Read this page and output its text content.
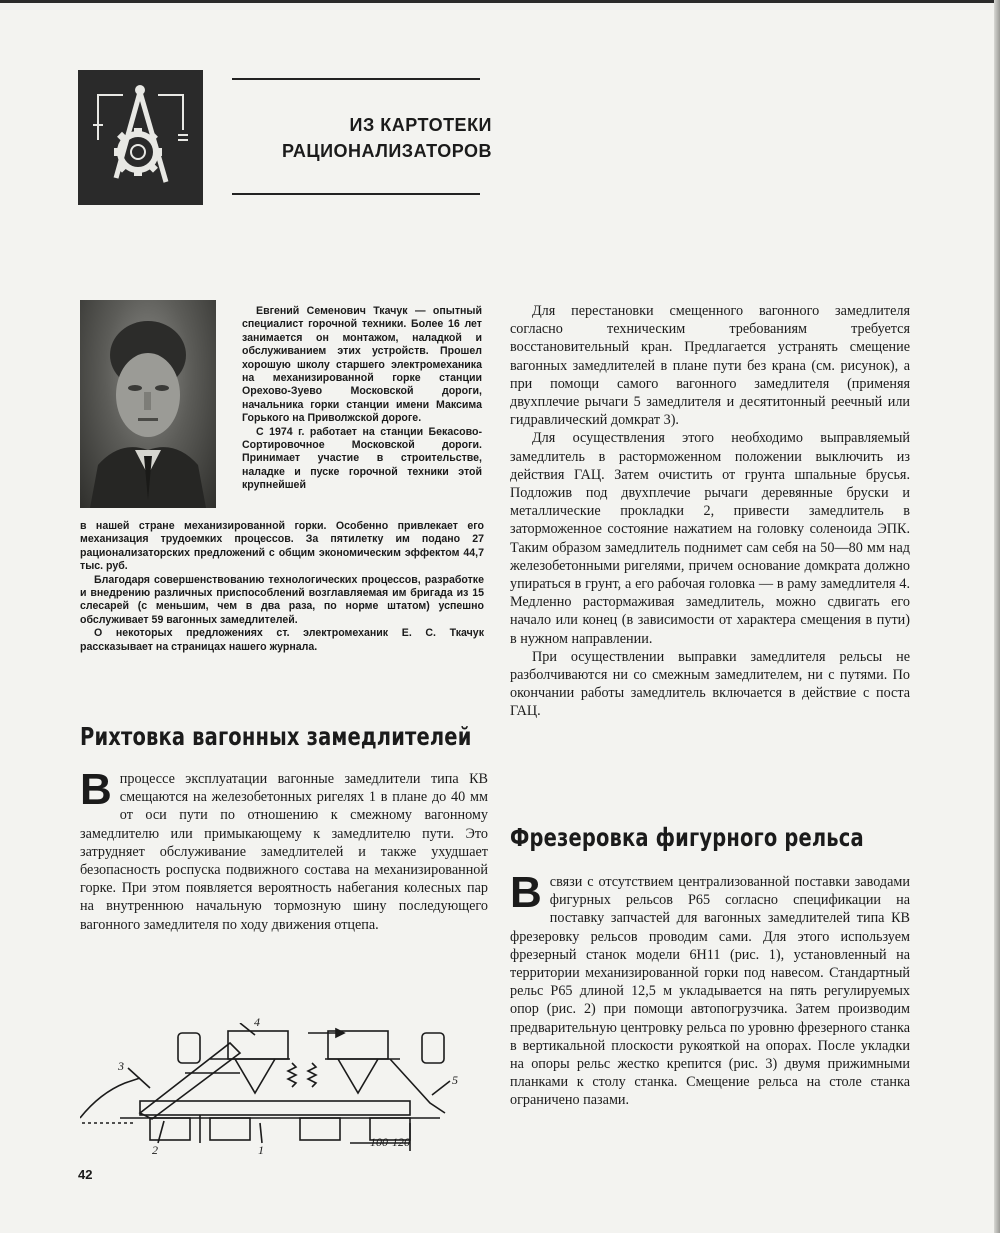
ИЗ КАРТОТЕКИ
РАЦИОНАЛИЗАТОРОВ

Евгений Семенович Ткачук — опытный специалист горочной техники. Более 16 лет занимается он монтажом, наладкой и обслуживанием этих устройств. Прошел хорошую школу старшего электромеханика на механизированной горке станции Орехово-Зуево Московской дороги, начальника горки станции имени Максима Горького на Приволжской дороге.

С 1974 г. работает на станции Бекасово-Сортировочное Московской дороги. Принимает участие в строительстве, наладке и пуске горочной техники этой крупнейшей

в нашей стране механизированной горки. Особенно привлекает его механизация трудоемких процессов. За пятилетку им подано 27 рационализаторских предложений с общим экономическим эффектом 44,7 тыс. руб.

Благодаря совершенствованию технологических процессов, разработке и внедрению различных приспособлений возглавляемая им бригада из 15 слесарей (с меньшим, чем в два раза, по норме штатом) успешно обслуживает 59 вагонных замедлителей.

О некоторых предложениях ст. электромеханик Е. С. Ткачук рассказывает на страницах нашего журнала.

Рихтовка вагонных замедлителей

Впроцессе эксплуатации вагонные замедлители типа КВ смещаются на железобетонных ригелях 1 в плане до 40 мм от оси пути по отношению к смежному вагонному замедлителю или примыкающему к замедлителю пути. Это затрудняет обслуживание замедлителей и также ухудшает безопасность роспуска подвижного состава на механизированной горке. При этом появляется вероятность набегания колесных пар на внутреннюю начальную тормозную шину последующего вагонного замедлителя по ходу движения отцепа.

Для перестановки смещенного вагонного замедлителя согласно техническим требованиям требуется восстановительный кран. Предлагается устранять смещение вагонных замедлителей в плане пути без крана (см. рисунок), а при помощи самого вагонного замедлителя (применяя двухплечие рычаги 5 замедлителя и десятитонный реечный или гидравлический домкрат 3).

Для осуществления этого необходимо выправляемый замедлитель в расторможенном положении выключить из действия ГАЦ. Затем очистить от грунта шпальные брусья. Подложив под двухплечие рычаги деревянные бруски и металлические прокладки 2, привести замедлитель в заторможенное состояние нажатием на головку соленоида ЭПК. Таким образом замедлитель поднимет сам себя на 50—80 мм над железобетонными ригелями, причем основание домкрата должно упираться в грунт, а его рабочая головка — в раму замедлителя 4. Медленно растормаживая замедлитель, можно сдвигать его начало или конец (в зависимости от характера смещения в пути) в нужном направлении.

При осуществлении выправки замедлителя рельсы не разболчиваются ни со смежным замедлителем, ни с путями. По окончании работы замедлитель включается в действие с поста ГАЦ.

4
3
5
2	1
100-120
Фрезеровка фигурного рельса

Всвязи с отсутствием централизованной поставки заводами фигурных рельсов Р65 согласно спецификации на поставку запчастей для вагонных замедлителей типа КВ фрезеровку рельсов проводим сами. Для этого используем фрезерный станок модели 6Н11 (рис. 1), установленный на территории механизированной горки под навесом. Стандартный рельс Р65 длиной 12,5 м укладывается на пять регулируемых опор (рис. 2) при помощи автопогрузчика. Затем производим предварительную центровку рельса по уровню фрезерного станка в вертикальной плоскости рукояткой на опорах. После укладки на опоры рельс жестко крепится (рис. 3) двумя прижимными планками к столу станка. Смещение рельса на столе станка ограничено пазами.

42
